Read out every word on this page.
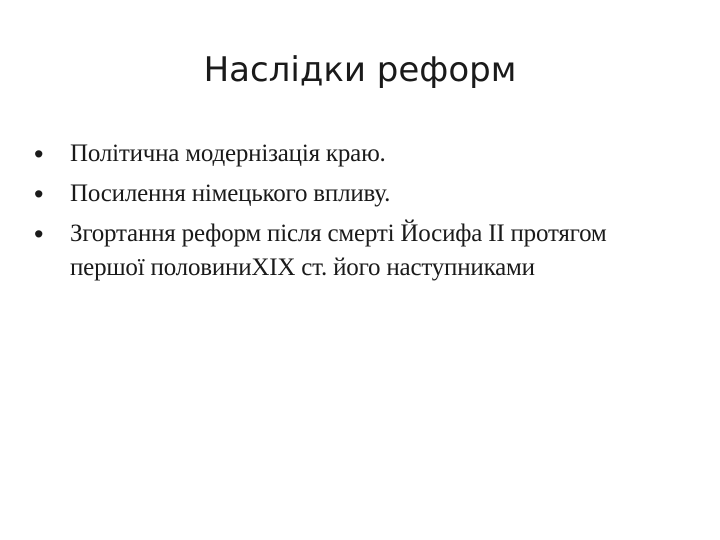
Наслідки реформ
•	Політична модернізація краю.
•	Посилення німецького впливу.
•	Згортання реформ після смерті Йосифа ІІ протягом першої половиниХІХ ст. його наступниками
